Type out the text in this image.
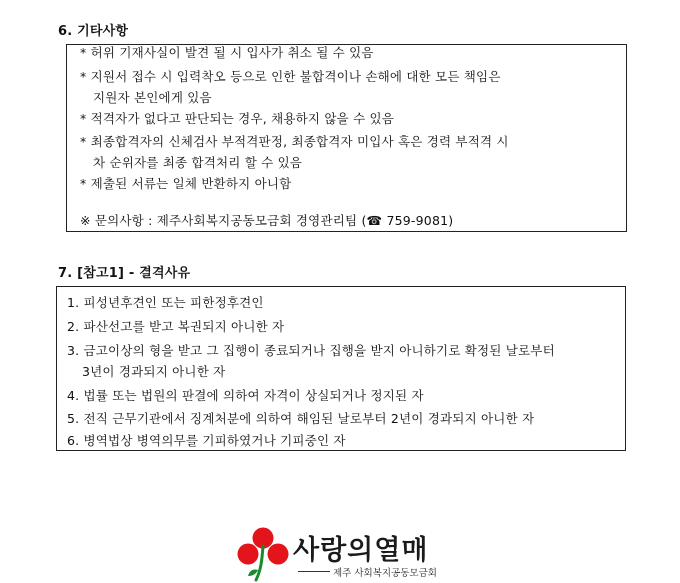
6. 기타사항
* 허위 기재사실이 발견 될 시 입사가 취소 될 수 있음
* 지원서 접수 시 입력착오 등으로 인한 불합격이나 손해에 대한 모든 책임은
지원자 본인에게 있음
* 적격자가 없다고 판단되는 경우, 채용하지 않을 수 있음
* 최종합격자의 신체검사 부적격판정, 최종합격자 미입사 혹은 경력 부적격 시
차 순위자를 최종 합격처리 할 수 있음
* 제출된 서류는 일체 반환하지 아니함
※ 문의사항 : 제주사회복지공동모금회 경영관리팀 (☎ 759-9081)
7. [참고1] - 결격사유
1. 피성년후견인 또는 피한정후견인
2. 파산선고를 받고 복권되지 아니한 자
3. 금고이상의 형을 받고 그 집행이 종료되거나 집행을 받지 아니하기로 확정된 날로부터
3년이 경과되지 아니한 자
4. 법률 또는 법원의 판결에 의하여 자격이 상실되거나 정지된 자
5. 전직 근무기관에서 징계처분에 의하여 해임된 날로부터 2년이 경과되지 아니한 자
6. 병역법상 병역의무를 기피하였거나 기피중인 자
사랑의열매
제주 사회복지공동모금회
